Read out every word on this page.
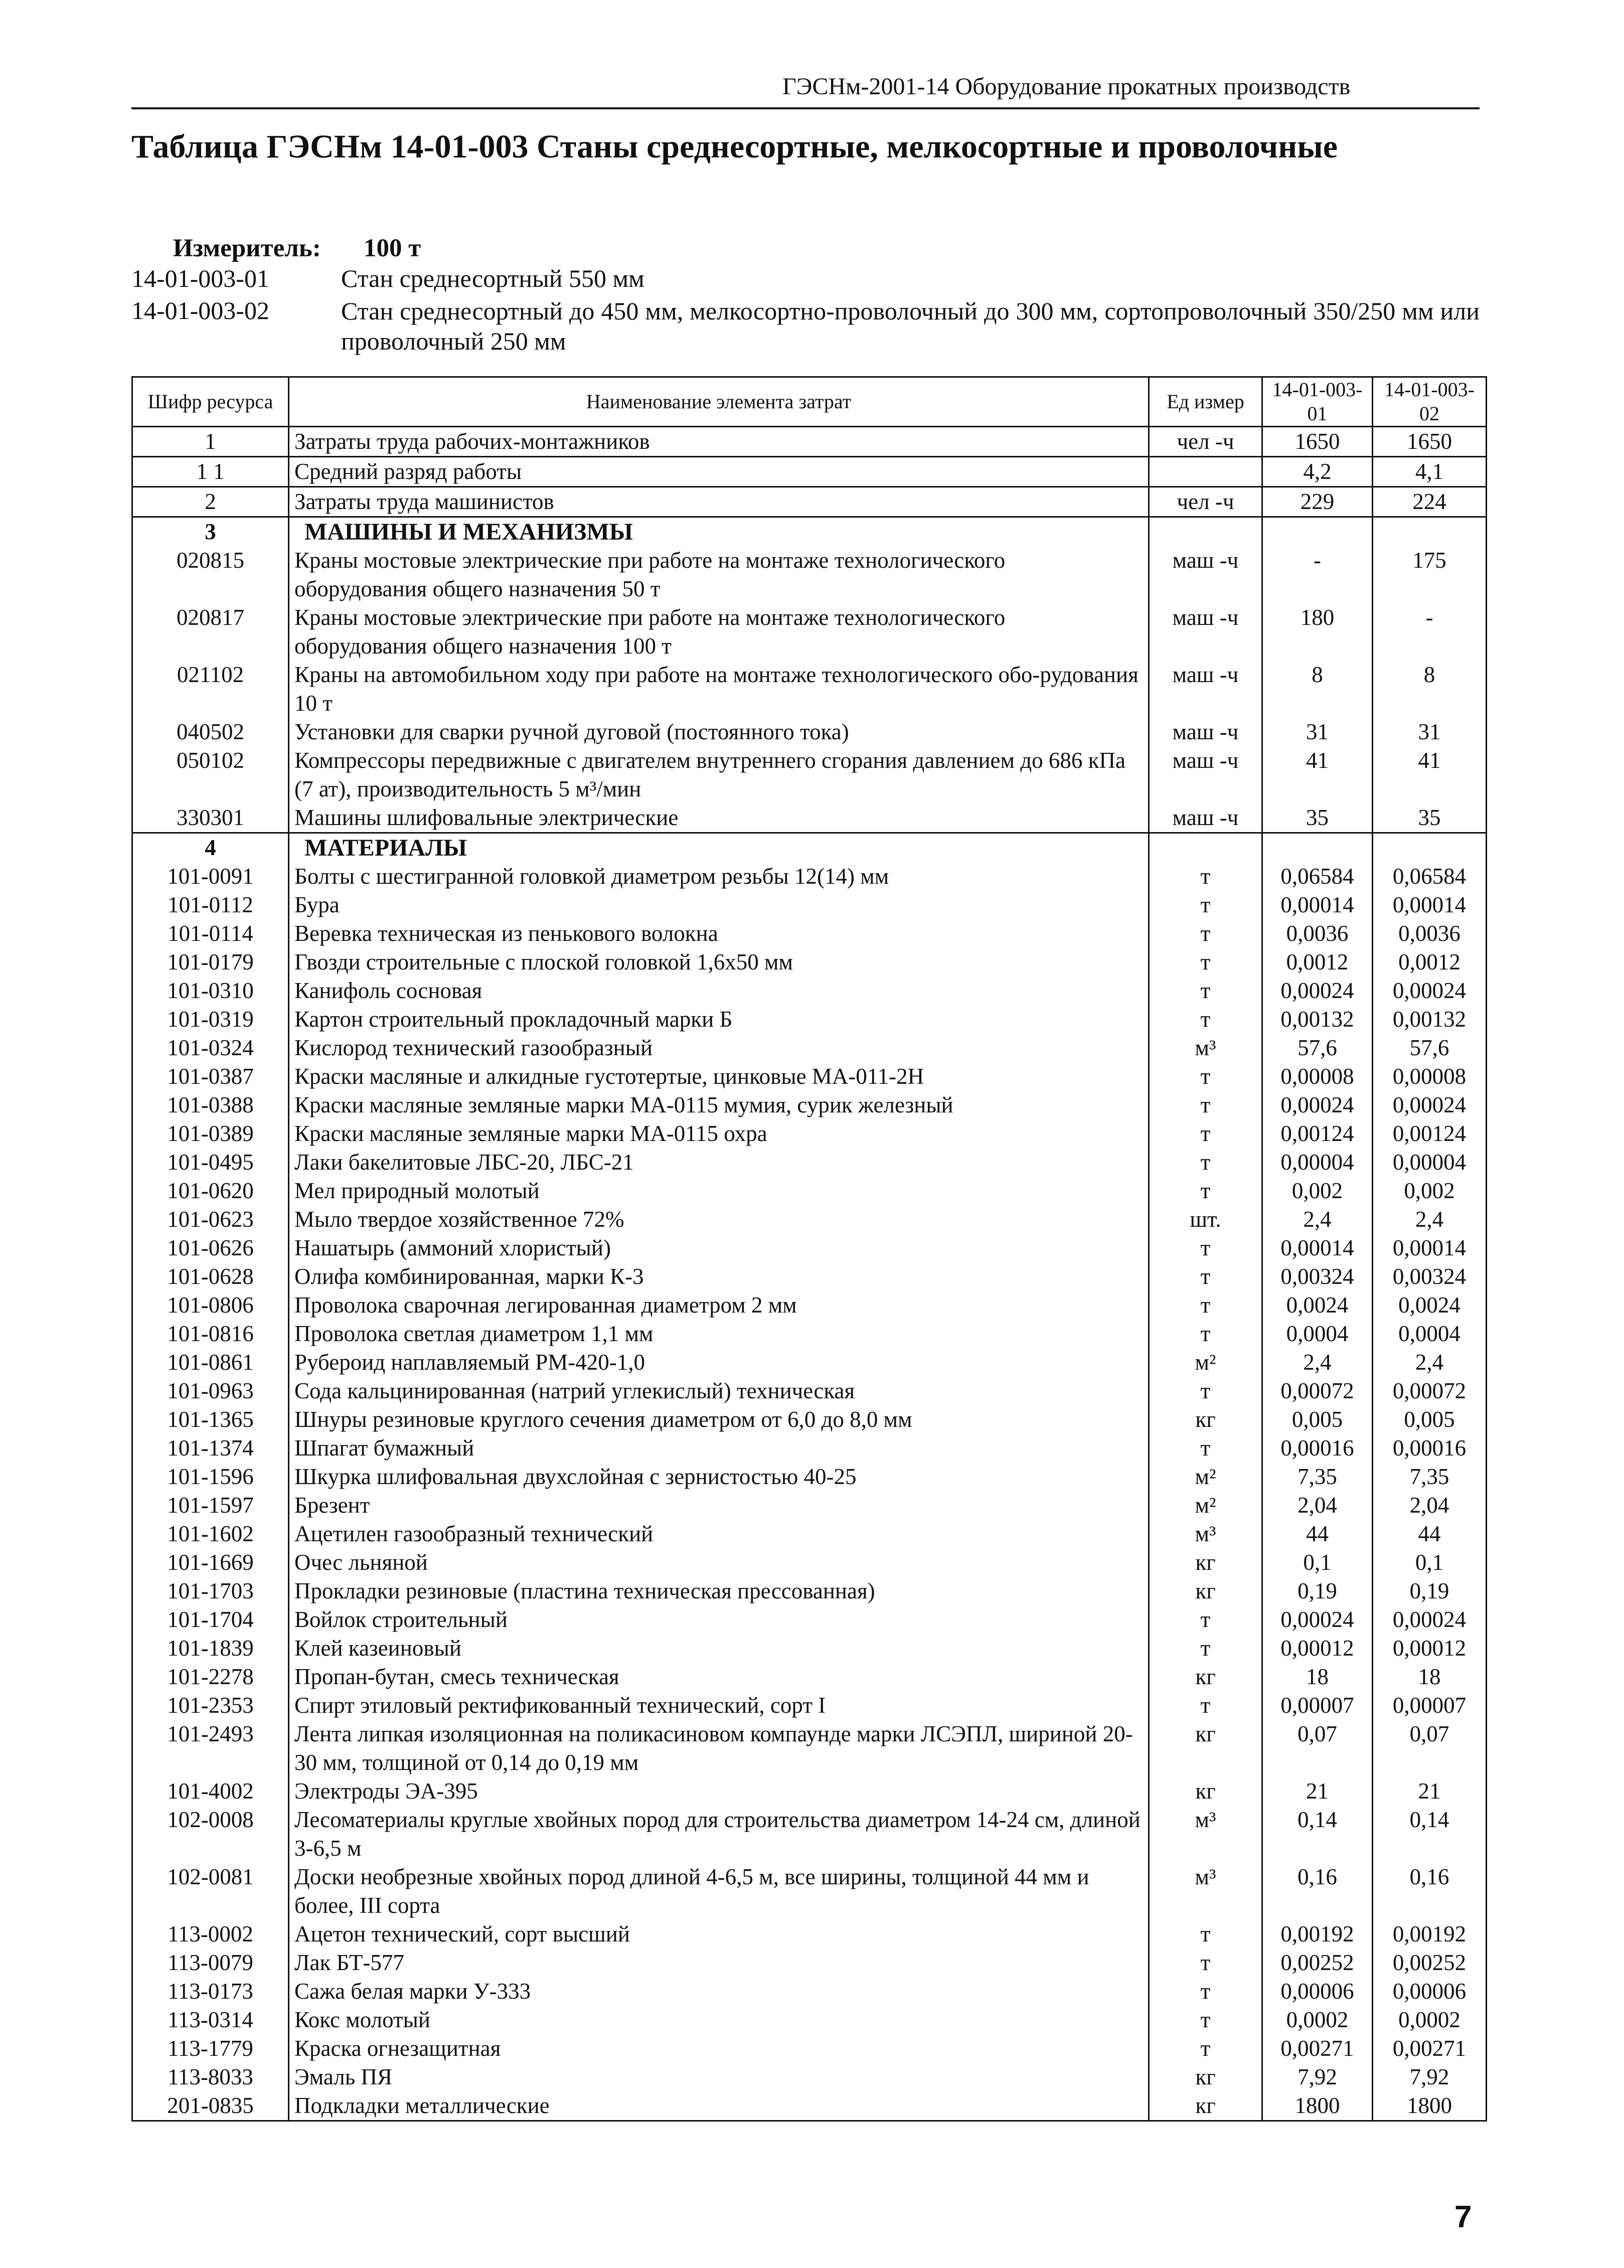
ГЭСНм-2001-14 Оборудование прокатных производств
Таблица ГЭСНм 14-01-003 Станы среднесортные, мелкосортные и проволочные
Измеритель: 100 т
14-01-003-01	Стан среднесортный 550 мм
14-01-003-02	Стан среднесортный до 450 мм, мелкосортно-проволочный до 300 мм, сортопроволочный 350/250 мм или проволочный 250 мм
Шифр ресурса	Наименование элемента затрат	Ед измер	14-01-003-01	14-01-003-02
1	Затраты труда рабочих-монтажников	чел -ч	1650	1650
1 1	Средний разряд работы		4,2	4,1
2	Затраты труда машинистов	чел -ч	229	224
3	МАШИНЫ И МЕХАНИЗМЫ			
020815	Краны мостовые электрические при работе на монтаже технологического оборудования общего назначения 50 т	маш -ч	-	175
020817	Краны мостовые электрические при работе на монтаже технологического оборудования общего назначения 100 т	маш -ч	180	-
021102	Краны на автомобильном ходу при работе на монтаже технологического обо-рудования 10 т	маш -ч	8	8
040502	Установки для сварки ручной дуговой (постоянного тока)	маш -ч	31	31
050102	Компрессоры передвижные с двигателем внутреннего сгорания давлением до 686 кПа (7 ат), производительность 5 м³/мин	маш -ч	41	41
330301	Машины шлифовальные электрические	маш -ч	35	35
4	МАТЕРИАЛЫ			
101-0091	Болты с шестигранной головкой диаметром резьбы 12(14) мм	т	0,06584	0,06584
101-0112	Бура	т	0,00014	0,00014
101-0114	Веревка техническая из пенькового волокна	т	0,0036	0,0036
101-0179	Гвозди строительные с плоской головкой 1,6x50 мм	т	0,0012	0,0012
101-0310	Канифоль сосновая	т	0,00024	0,00024
101-0319	Картон строительный прокладочный марки Б	т	0,00132	0,00132
101-0324	Кислород технический газообразный	м³	57,6	57,6
101-0387	Краски масляные и алкидные густотертые, цинковые МА-011-2Н	т	0,00008	0,00008
101-0388	Краски масляные земляные марки МА-0115 мумия, сурик железный	т	0,00024	0,00024
101-0389	Краски масляные земляные марки МА-0115 охра	т	0,00124	0,00124
101-0495	Лаки бакелитовые ЛБС-20, ЛБС-21	т	0,00004	0,00004
101-0620	Мел природный молотый	т	0,002	0,002
101-0623	Мыло твердое хозяйственное 72%	шт.	2,4	2,4
101-0626	Нашатырь (аммоний хлористый)	т	0,00014	0,00014
101-0628	Олифа комбинированная, марки К-3	т	0,00324	0,00324
101-0806	Проволока сварочная легированная диаметром 2 мм	т	0,0024	0,0024
101-0816	Проволока светлая диаметром 1,1 мм	т	0,0004	0,0004
101-0861	Рубероид наплавляемый РМ-420-1,0	м²	2,4	2,4
101-0963	Сода кальцинированная (натрий углекислый) техническая	т	0,00072	0,00072
101-1365	Шнуры резиновые круглого сечения диаметром от 6,0 до 8,0 мм	кг	0,005	0,005
101-1374	Шпагат бумажный	т	0,00016	0,00016
101-1596	Шкурка шлифовальная двухслойная с зернистостью 40-25	м²	7,35	7,35
101-1597	Брезент	м²	2,04	2,04
101-1602	Ацетилен газообразный технический	м³	44	44
101-1669	Очес льняной	кг	0,1	0,1
101-1703	Прокладки резиновые (пластина техническая прессованная)	кг	0,19	0,19
101-1704	Войлок строительный	т	0,00024	0,00024
101-1839	Клей казеиновый	т	0,00012	0,00012
101-2278	Пропан-бутан, смесь техническая	кг	18	18
101-2353	Спирт этиловый ректификованный технический, сорт I	т	0,00007	0,00007
101-2493	Лента липкая изоляционная на поликасиновом компаунде марки ЛСЭПЛ, шириной 20-30 мм, толщиной от 0,14 до 0,19 мм	кг	0,07	0,07
101-4002	Электроды ЭА-395	кг	21	21
102-0008	Лесоматериалы круглые хвойных пород для строительства диаметром 14-24 см, длиной 3-6,5 м	м³	0,14	0,14
102-0081	Доски необрезные хвойных пород длиной 4-6,5 м, все ширины, толщиной 44 мм и более, III сорта	м³	0,16	0,16
113-0002	Ацетон технический, сорт высший	т	0,00192	0,00192
113-0079	Лак БТ-577	т	0,00252	0,00252
113-0173	Сажа белая марки У-333	т	0,00006	0,00006
113-0314	Кокс молотый	т	0,0002	0,0002
113-1779	Краска огнезащитная	т	0,00271	0,00271
113-8033	Эмаль ПЯ	кг	7,92	7,92
201-0835	Подкладки металлические	кг	1800	1800
7
